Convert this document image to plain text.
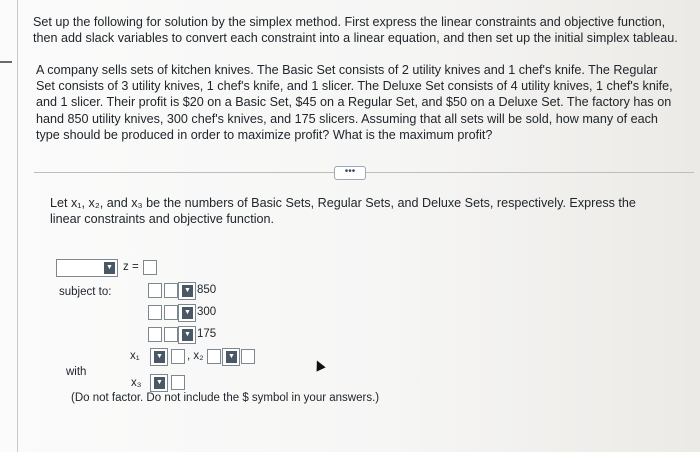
Set up the following for solution by the simplex method. First express the linear constraints and objective function, then add slack variables to convert each constraint into a linear equation, and then set up the initial simplex tableau.
A company sells sets of kitchen knives. The Basic Set consists of 2 utility knives and 1 chef's knife. The Regular Set consists of 3 utility knives, 1 chef's knife, and 1 slicer. The Deluxe Set consists of 4 utility knives, 1 chef's knife, and 1 slicer. Their profit is $20 on a Basic Set, $45 on a Regular Set, and $50 on a Deluxe Set. The factory has on hand 850 utility knives, 300 chef's knives, and 175 slicers. Assuming that all sets will be sold, how many of each type should be produced in order to maximize profit? What is the maximum profit?
•••
Let x₁, x₂, and x₃ be the numbers of Basic Sets, Regular Sets, and Deluxe Sets, respectively. Express the linear constraints and objective function.
▼ z =
subject to:	▼ 850
▼ 300
▼ 175
with
x₁ ▼ , x₂	▼
x₃ ▼
(Do not factor. Do not include the $ symbol in your answers.)
